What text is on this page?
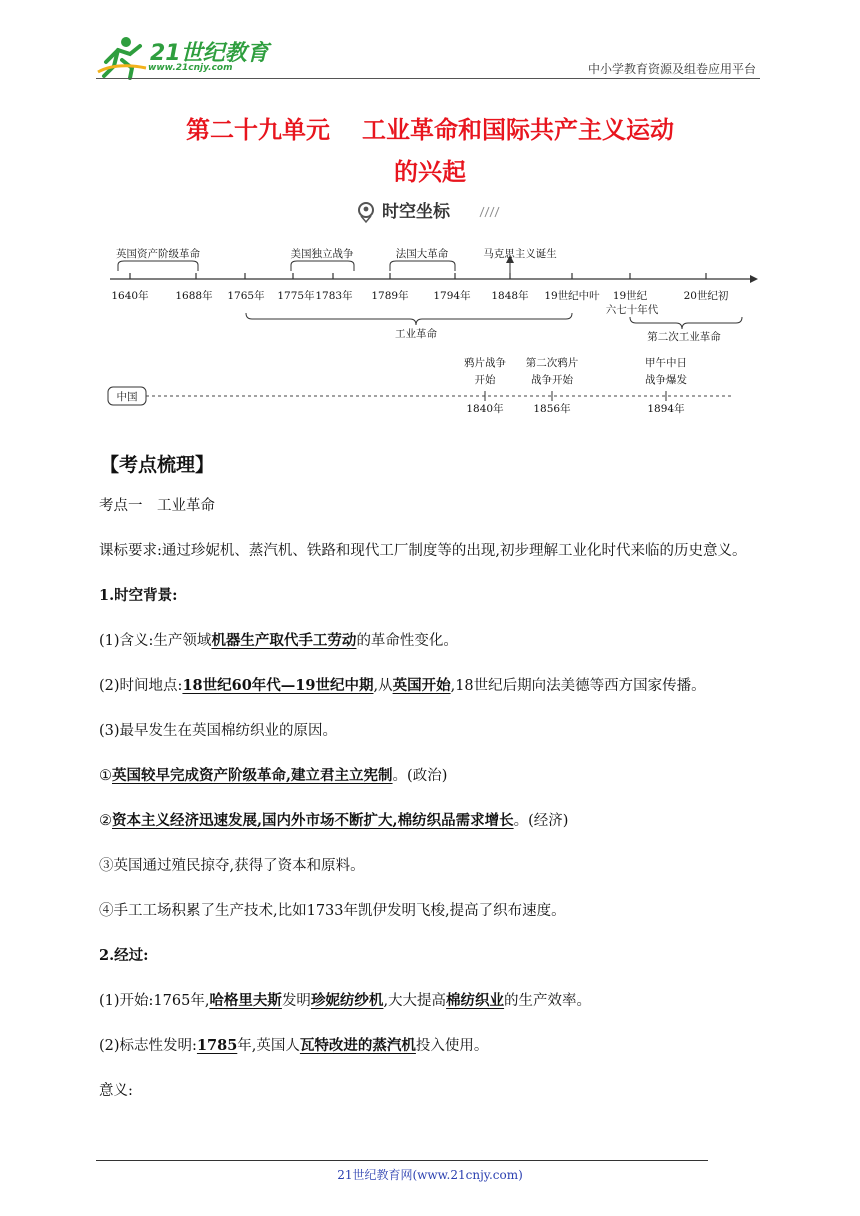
21世纪教育
www.21cnjy.com	中小学教育资源及组卷应用平台
第二十九单元 工业革命和国际共产主义运动
的兴起
时空坐标
英国资产阶级革命	美国独立战争	法国大革命	马克思主义诞生
1640年	1688年 1765年 1775年 1783年 1789年 1794年 1848年 19世纪中叶 19世纪
六七十年代
20世纪初
工业革命	第二次工业革命
中国
鸦片战争
开始
1840年
第二次鸦片
战争开始
1856年
甲午中日
战争爆发
1894年
【考点梳理】
考点一　工业革命
课标要求:通过珍妮机、蒸汽机、铁路和现代工厂制度等的出现,初步理解工业化时代来临的历史意义。
1.时空背景:
(1)含义:生产领域机器生产取代手工劳动的革命性变化。
(2)时间地点:18世纪60年代—19世纪中期,从英国开始,18世纪后期向法美德等西方国家传播。
(3)最早发生在英国棉纺织业的原因。
①英国较早完成资产阶级革命,建立君主立宪制。(政治)
②资本主义经济迅速发展,国内外市场不断扩大,棉纺织品需求增长。(经济)
③英国通过殖民掠夺,获得了资本和原料。
④手工工场积累了生产技术,比如1733年凯伊发明飞梭,提高了织布速度。
2.经过:
(1)开始:1765年,哈格里夫斯发明珍妮纺纱机,大大提高棉纺织业的生产效率。
(2)标志性发明:1785年,英国人瓦特改进的蒸汽机投入使用。
意义:
21世纪教育网(www.21cnjy.com)
